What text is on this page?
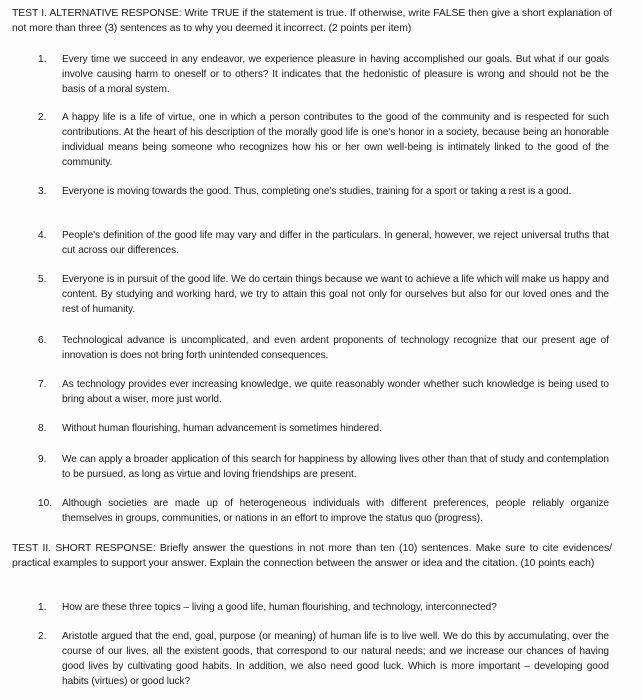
TEST I. ALTERNATIVE RESPONSE: Write TRUE if the statement is true. If otherwise, write FALSE then give a short explanation of not more than three (3) sentences as to why you deemed it incorrect. (2 points per item)
1.	Every time we succeed in any endeavor, we experience pleasure in having accomplished our goals. But what if our goals involve causing harm to oneself or to others? It indicates that the hedonistic of pleasure is wrong and should not be the basis of a moral system.
2.	A happy life is a life of virtue, one in which a person contributes to the good of the community and is respected for such contributions. At the heart of his description of the morally good life is one's honor in a society, because being an honorable individual means being someone who recognizes how his or her own well-being is intimately linked to the good of the community.
3.	Everyone is moving towards the good. Thus, completing one's studies, training for a sport or taking a rest is a good.
4.	People's definition of the good life may vary and differ in the particulars. In general, however, we reject universal truths that cut across our differences.
5.	Everyone is in pursuit of the good life. We do certain things because we want to achieve a life which will make us happy and content. By studying and working hard, we try to attain this goal not only for ourselves but also for our loved ones and the rest of humanity.
6.	Technological advance is uncomplicated, and even ardent proponents of technology recognize that our present age of innovation is does not bring forth unintended consequences.
7.	As technology provides ever increasing knowledge, we quite reasonably wonder whether such knowledge is being used to bring about a wiser, more just world.
8.	Without human flourishing, human advancement is sometimes hindered.
9.	We can apply a broader application of this search for happiness by allowing lives other than that of study and contemplation to be pursued, as long as virtue and loving friendships are present.
10.	Although societies are made up of heterogeneous individuals with different preferences, people reliably organize themselves in groups, communities, or nations in an effort to improve the status quo (progress).
TEST II. SHORT RESPONSE: Briefly answer the questions in not more than ten (10) sentences. Make sure to cite evidences/ practical examples to support your answer. Explain the connection between the answer or idea and the citation. (10 points each)
1.	How are these three topics – living a good life, human flourishing, and technology, interconnected?
2.	Aristotle argued that the end, goal, purpose (or meaning) of human life is to live well. We do this by accumulating, over the course of our lives, all the existent goods, that correspond to our natural needs; and we increase our chances of having good lives by cultivating good habits. In addition, we also need good luck. Which is more important – developing good habits (virtues) or good luck?
